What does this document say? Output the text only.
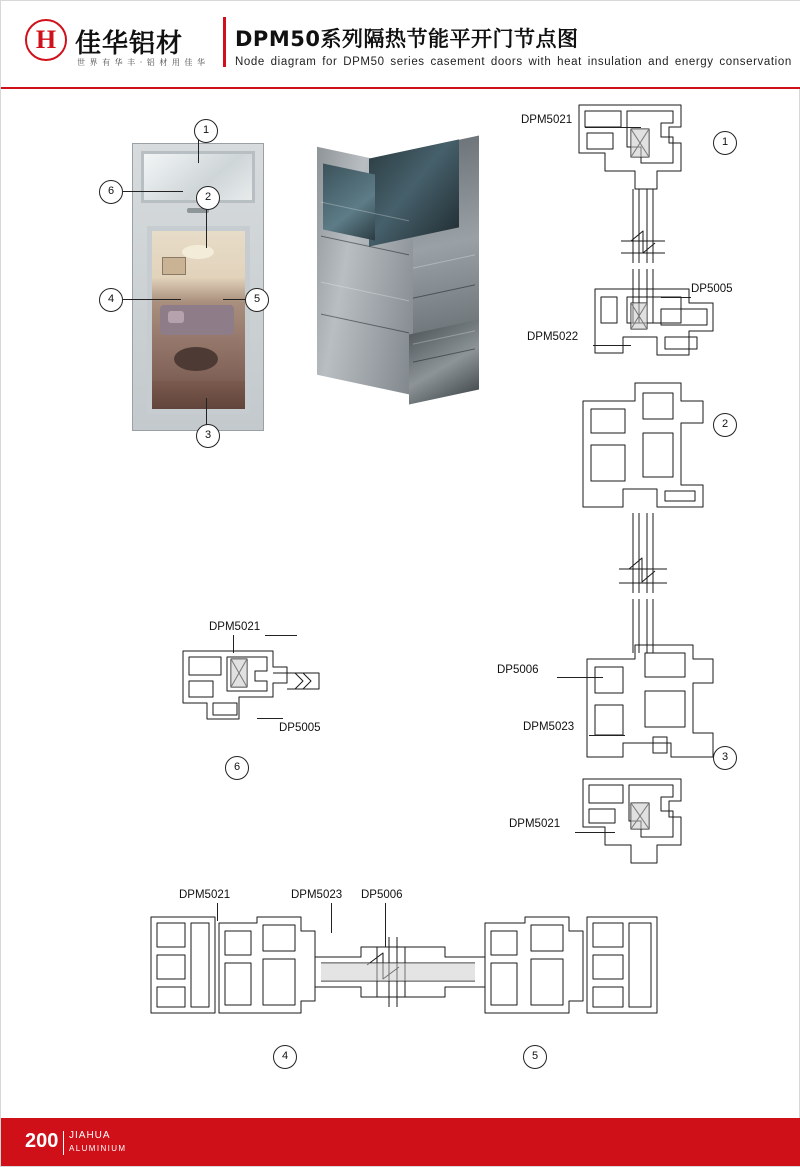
H 佳华铝材
世 界 有 华 丰 · 铝 材 用 佳 华
DPM50系列隔热节能平开门节点图
Node diagram for DPM50 series casement doors with heat insulation and energy conservation
1
2
3
6
4	5
DPM5021
DP5005
DPM5022
DP5006
DPM5023
DPM5021
1
2
3
DPM5021
DP5005
6
DPM5021	DPM5023 DP5006
4	5
200 JIAHUA
ALUMINIUM
